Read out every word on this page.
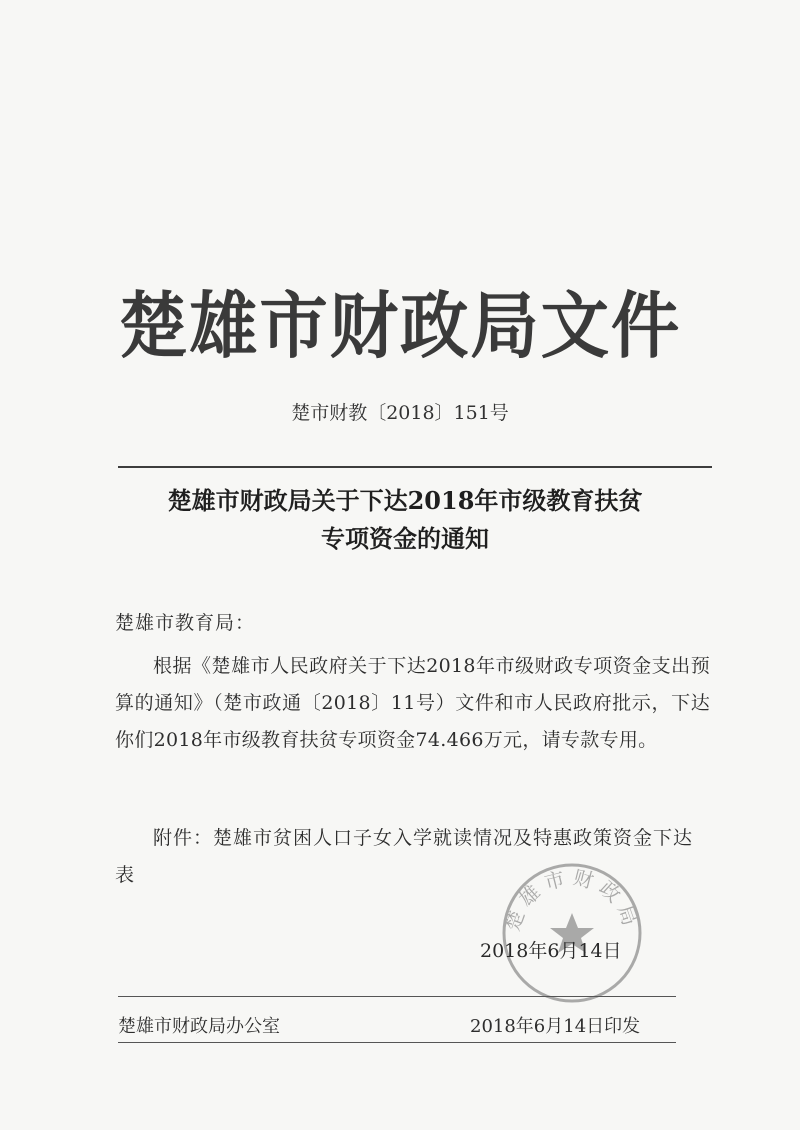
楚雄市财政局文件
楚市财教〔2018〕151号
楚雄市财政局关于下达2018年市级教育扶贫
专项资金的通知
楚雄市教育局：
根据《楚雄市人民政府关于下达2018年市级财政专项资金支出预算的通知》（楚市政通〔2018〕11号）文件和市人民政府批示，下达你们2018年市级教育扶贫专项资金74.466万元，请专款专用。
附件：楚雄市贫困人口子女入学就读情况及特惠政策资金下达表
楚雄市财政局
2018年6月14日
楚雄市财政局办公室	2018年6月14日印发
